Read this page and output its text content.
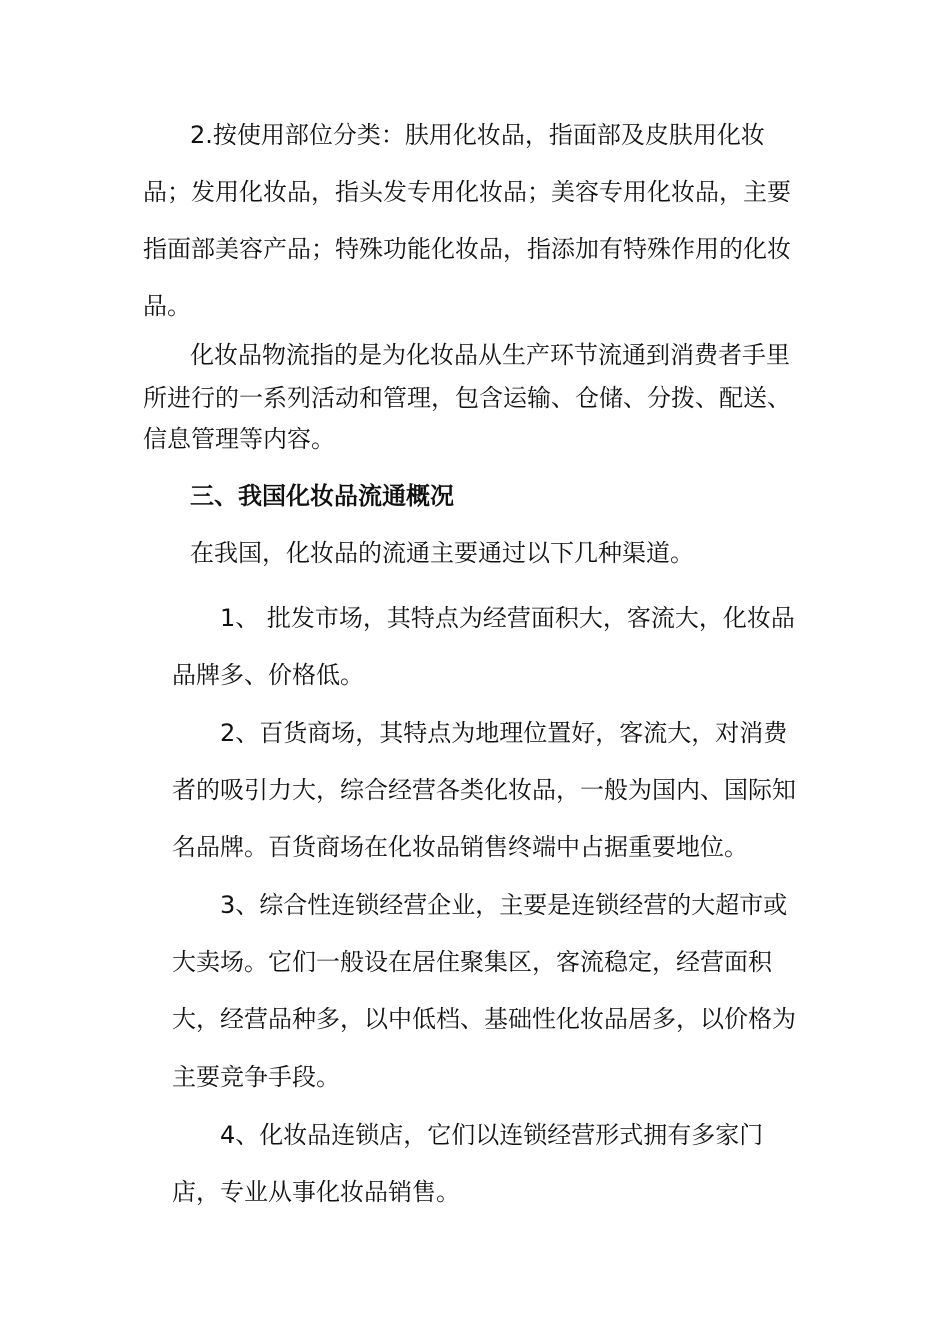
2.按使用部位分类：肤用化妆品，指面部及皮肤用化妆
品；发用化妆品，指头发专用化妆品；美容专用化妆品，主要
指面部美容产品；特殊功能化妆品，指添加有特殊作用的化妆
品。
化妆品物流指的是为化妆品从生产环节流通到消费者手里
所进行的一系列活动和管理，包含运输、仓储、分拨、配送、
信息管理等内容。
三、我国化妆品流通概况
在我国，化妆品的流通主要通过以下几种渠道。
1、 批发市场，其特点为经营面积大，客流大，化妆品
品牌多、价格低。
2、百货商场，其特点为地理位置好，客流大，对消费
者的吸引力大，综合经营各类化妆品，一般为国内、国际知
名品牌。百货商场在化妆品销售终端中占据重要地位。
3、综合性连锁经营企业，主要是连锁经营的大超市或
大卖场。它们一般设在居住聚集区，客流稳定，经营面积
大，经营品种多，以中低档、基础性化妆品居多，以价格为
主要竞争手段。
4、化妆品连锁店，它们以连锁经营形式拥有多家门
店，专业从事化妆品销售。
